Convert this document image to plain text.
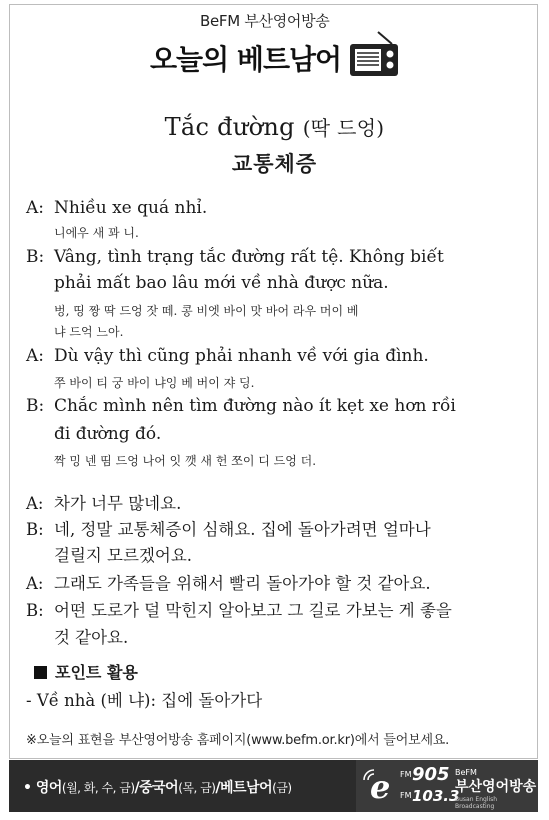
BeFM 부산영어방송
오늘의 베트남어
Tắc đường (딱 드엉)
교통체증
A: Nhiều xe quá nhỉ.
니에우 새 꽈 니.
B: Vâng, tình trạng tắc đường rất tệ. Không biết
phải mất bao lâu mới về nhà được nữa.
벙, 띵 짱 딱 드엉 잣 떼. 콩 비엣 바이 맛 바어 라우 머이 베
냐 드억 느아.
A: Dù vậy thì cũng phải nhanh về với gia đình.
쭈 바이 티 궁 바이 냐잉 베 버이 쟈 딩.
B: Chắc mình nên tìm đường nào ít kẹt xe hơn rồi
đi đường đó.
짝 밍 넨 띰 드엉 나어 잇 깻 새 헌 쪼이 디 드엉 더.
A: 차가 너무 많네요.
B: 네, 정말 교통체증이 심해요. 집에 돌아가려면 얼마나
걸릴지 모르겠어요.
A: 그래도 가족들을 위해서 빨리 돌아가야 할 것 같아요.
B: 어떤 도로가 덜 막힌지 알아보고 그 길로 가보는 게 좋을
것 같아요.
포인트 활용
- Về nhà (베 냐): 집에 돌아가다
※오늘의 표현을 부산영어방송 홈페이지(www.befm.or.kr)에서 들어보세요.
• 영어(월, 화, 수, 금)/중국어(목, 금)/베트남어(금) e FM 905
FM 103.3
BeFM
부산영어방송
Busan English Broadcasting
